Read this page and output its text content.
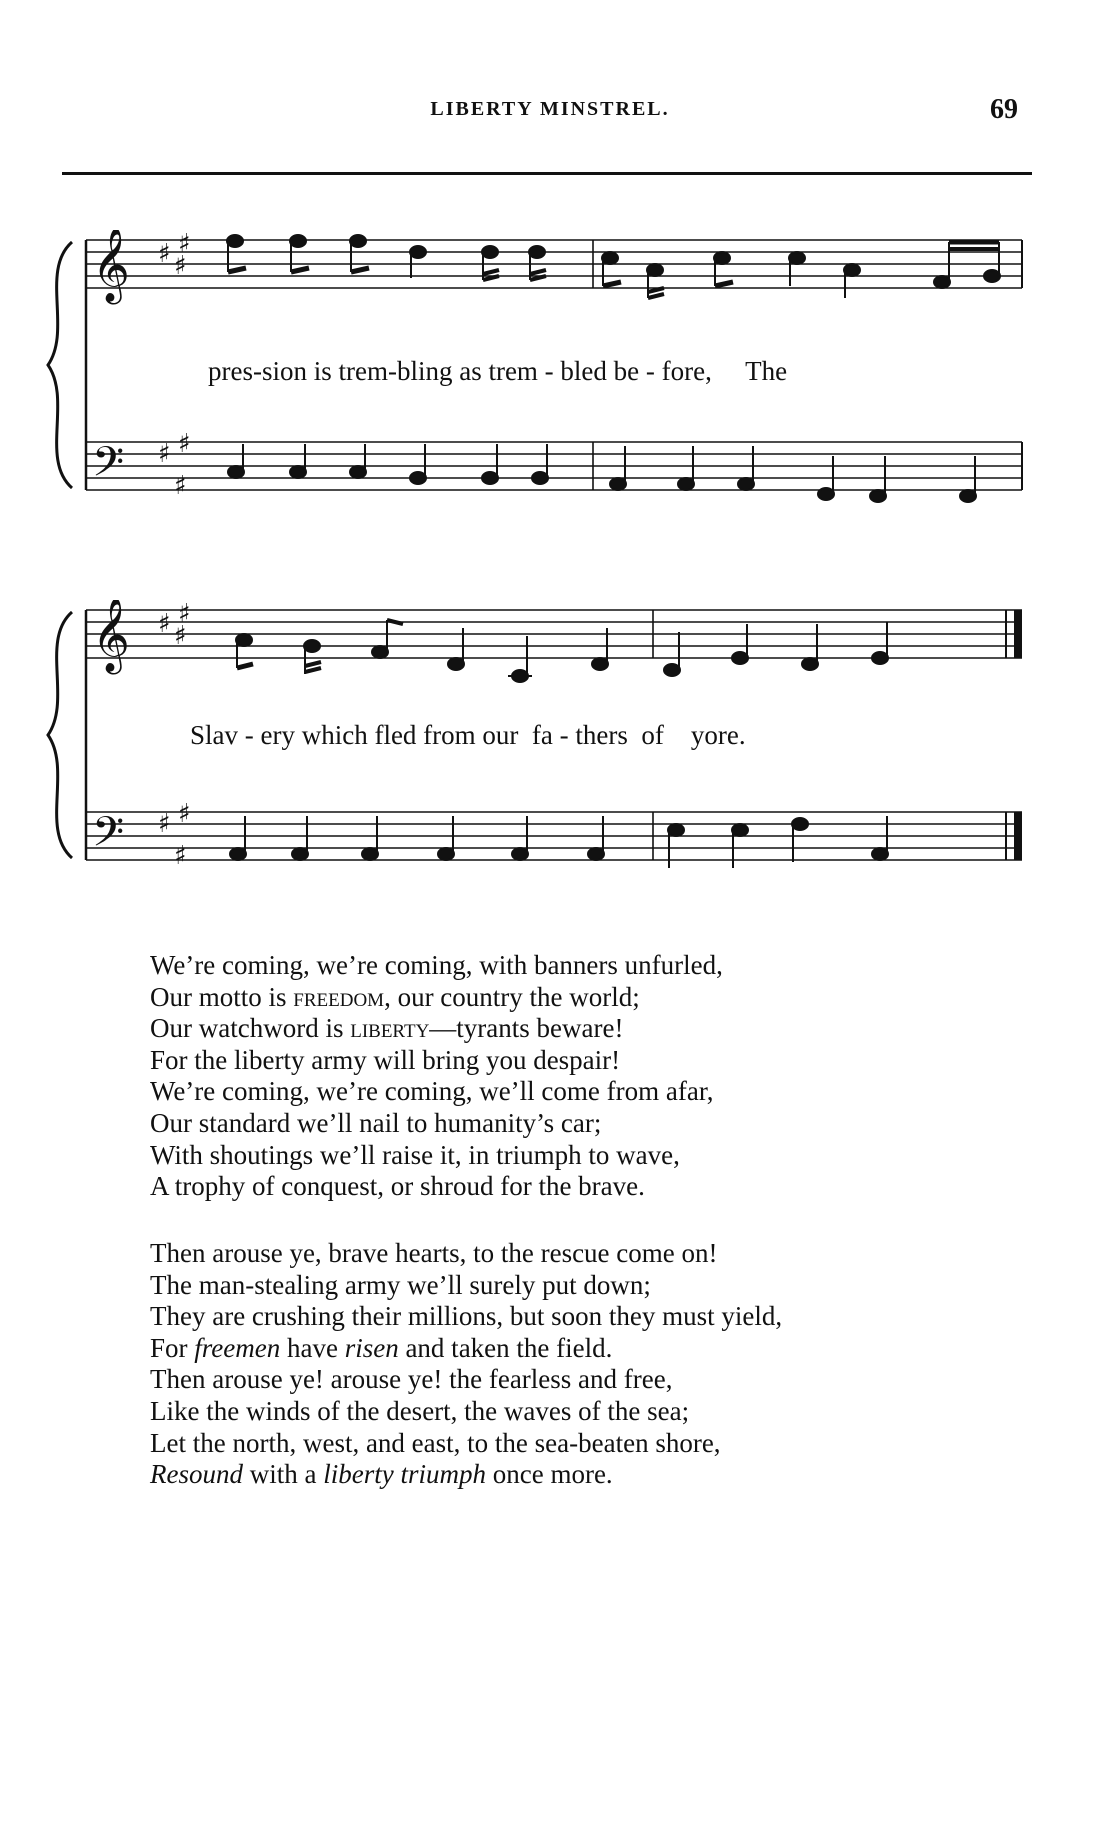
LIBERTY MINSTREL.	69
𝄞
𝄢
♯ ♯
♯
♯ ♯
♯
pres-sion is trem-bling as trem - bled be - fore,     The
𝄞
𝄢
♯ ♯
♯
♯ ♯
♯
Slav - ery which fled from our  fa - thers  of    yore.
We’re coming, we’re coming, with banners unfurled,
Our motto is freedom, our country the world;
Our watchword is liberty—tyrants beware!
For the liberty army will bring you despair!
We’re coming, we’re coming, we’ll come from afar,
Our standard we’ll nail to humanity’s car;
With shoutings we’ll raise it, in triumph to wave,
A trophy of conquest, or shroud for the brave.
Then arouse ye, brave hearts, to the rescue come on!
The man-stealing army we’ll surely put down;
They are crushing their millions, but soon they must yield,
For freemen have risen and taken the field.
Then arouse ye! arouse ye! the fearless and free,
Like the winds of the desert, the waves of the sea;
Let the north, west, and east, to the sea-beaten shore,
Resound with a liberty triumph once more.
